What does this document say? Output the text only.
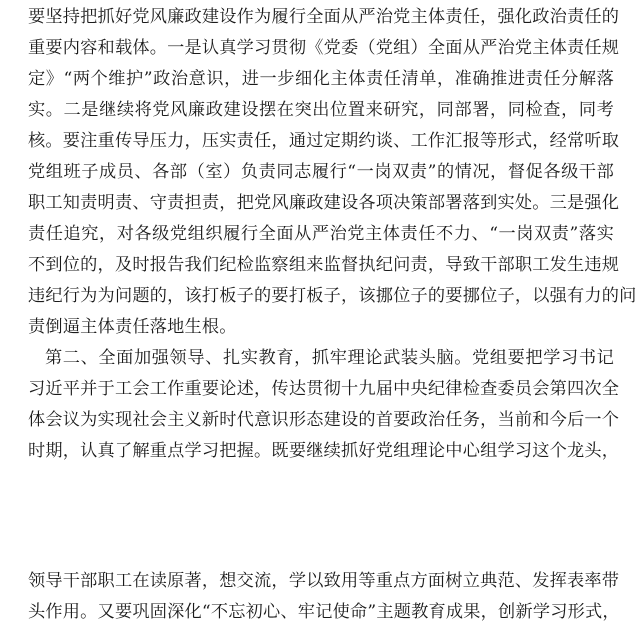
要坚持把抓好党风廉政建设作为履行全面从严治党主体责任，强化政治责任的
重要内容和载体。一是认真学习贯彻《党委（党组）全面从严治党主体责任规
定》“两个维护”政治意识，进一步细化主体责任清单，准确推进责任分解落
实。二是继续将党风廉政建设摆在突出位置来研究，同部署，同检查，同考
核。要注重传导压力，压实责任，通过定期约谈、工作汇报等形式，经常听取
党组班子成员、各部（室）负责同志履行“一岗双责”的情况，督促各级干部
职工知责明责、守责担责，把党风廉政建设各项决策部署落到实处。三是强化
责任追究，对各级党组织履行全面从严治党主体责任不力、“一岗双责”落实
不到位的，及时报告我们纪检监察组来监督执纪问责，导致干部职工发生违规
违纪行为为问题的，该打板子的要打板子，该挪位子的要挪位子，以强有力的问
责倒逼主体责任落地生根。
第二、全面加强领导、扎实教育，抓牢理论武装头脑。党组要把学习书记
习近平并于工会工作重要论述，传达贯彻十九届中央纪律检查委员会第四次全
体会议为实现社会主义新时代意识形态建设的首要政治任务，当前和今后一个
时期，认真了解重点学习把握。既要继续抓好党组理论中心组学习这个龙头，
领导干部职工在读原著，想交流，学以致用等重点方面树立典范、发挥表率带
头作用。又要巩固深化“不忘初心、牢记使命”主题教育成果，创新学习形式，
